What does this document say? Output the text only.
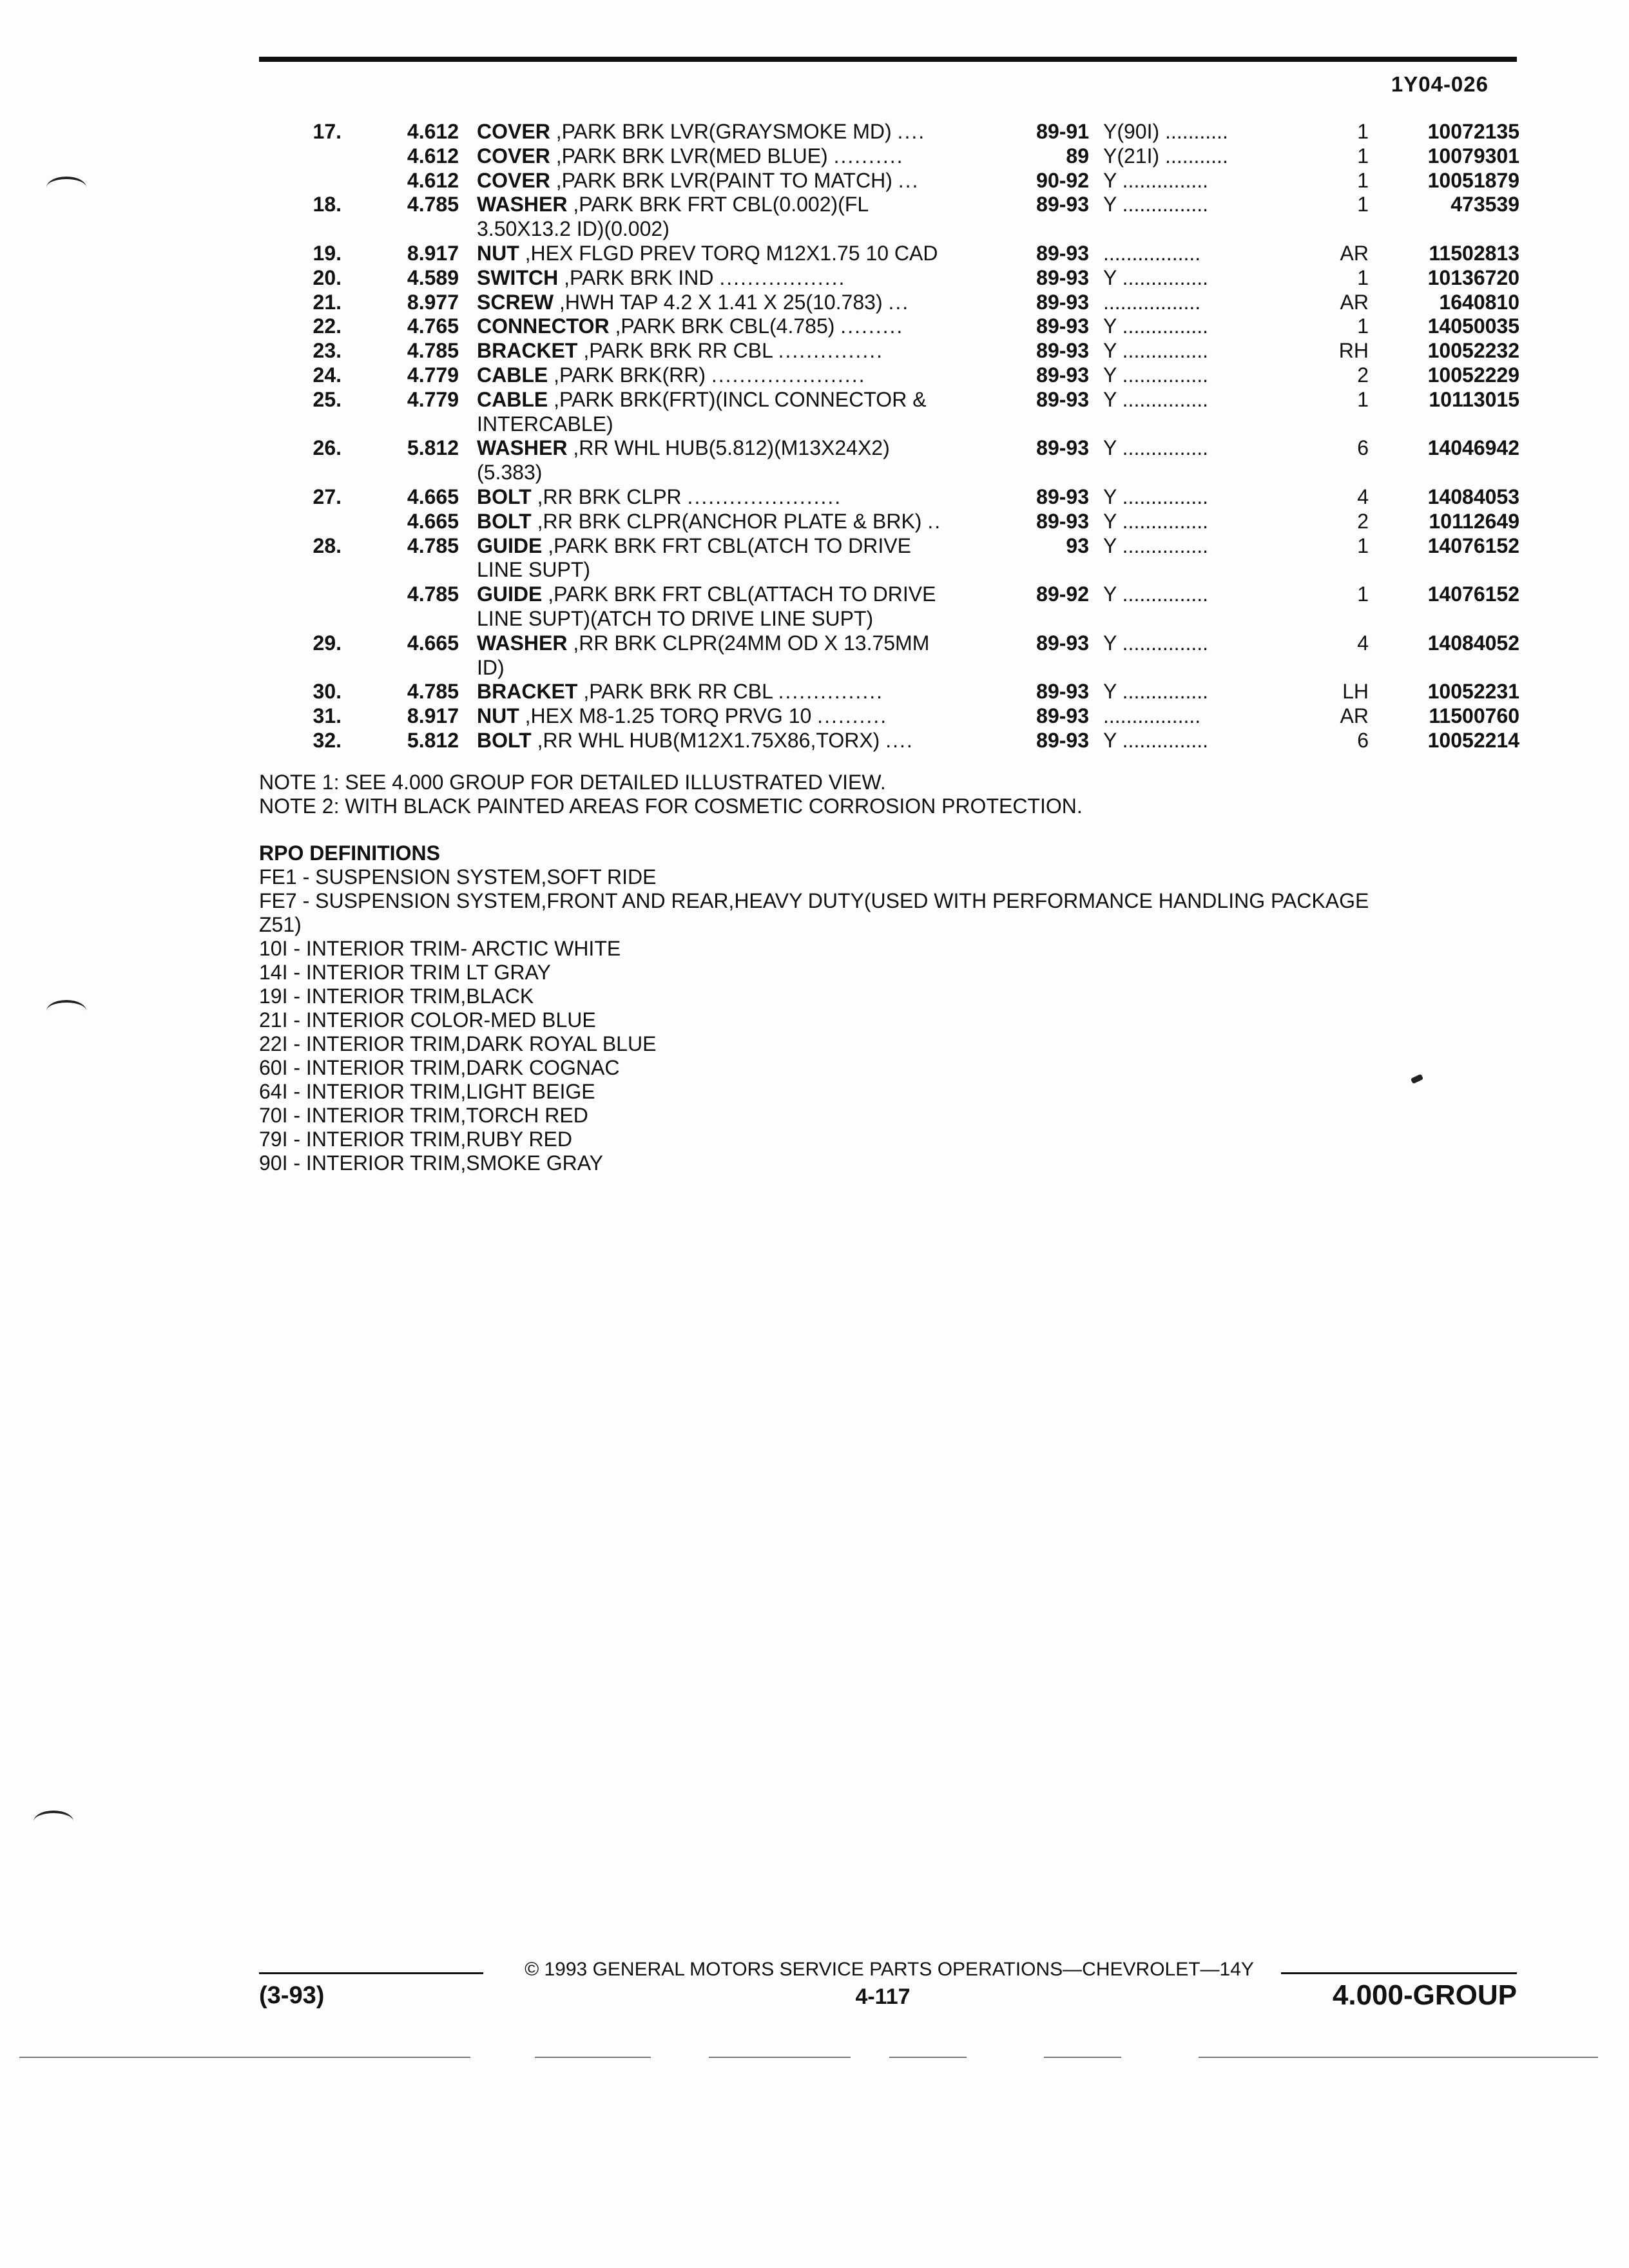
1Y04-026
17.	4.612 COVER ,PARK BRK LVR(GRAYSMOKE MD) ....	89-91 Y(90I) ...........	1	10072135
4.612 COVER ,PARK BRK LVR(MED BLUE) ..........	89 Y(21I) ...........	1	10079301
4.612 COVER ,PARK BRK LVR(PAINT TO MATCH) ...	90-92 Y ...............	1	10051879
18.	4.785 WASHER ,PARK BRK FRT CBL(0.002)(FL	89-93 Y ...............	1	473539
3.50X13.2 ID)(0.002)
19.	8.917 NUT ,HEX FLGD PREV TORQ M12X1.75 10 CAD	89-93 .................	AR	11502813
20.	4.589 SWITCH ,PARK BRK IND ..................	89-93 Y ...............	1	10136720
21.	8.977 SCREW ,HWH TAP 4.2 X 1.41 X 25(10.783) ...	89-93 .................	AR	1640810
22.	4.765 CONNECTOR ,PARK BRK CBL(4.785) .........	89-93 Y ...............	1	14050035
23.	4.785 BRACKET ,PARK BRK RR CBL ...............	89-93 Y ...............	RH	10052232
24.	4.779 CABLE ,PARK BRK(RR) ......................	89-93 Y ...............	2	10052229
25.	4.779 CABLE ,PARK BRK(FRT)(INCL CONNECTOR &	89-93 Y ...............	1	10113015
INTERCABLE)
26.	5.812 WASHER ,RR WHL HUB(5.812)(M13X24X2)	89-93 Y ...............	6	14046942
(5.383)
27.	4.665 BOLT ,RR BRK CLPR ......................	89-93 Y ...............	4	14084053
4.665 BOLT ,RR BRK CLPR(ANCHOR PLATE & BRK) ..	89-93 Y ...............	2	10112649
28.	4.785 GUIDE ,PARK BRK FRT CBL(ATCH TO DRIVE	93 Y ...............	1	14076152
LINE SUPT)
4.785 GUIDE ,PARK BRK FRT CBL(ATTACH TO DRIVE	89-92 Y ...............	1	14076152
LINE SUPT)(ATCH TO DRIVE LINE SUPT)
29.	4.665 WASHER ,RR BRK CLPR(24MM OD X 13.75MM	89-93 Y ...............	4	14084052
ID)
30.	4.785 BRACKET ,PARK BRK RR CBL ...............	89-93 Y ...............	LH	10052231
31.	8.917 NUT ,HEX M8-1.25 TORQ PRVG 10 ..........	89-93 .................	AR	11500760
32.	5.812 BOLT ,RR WHL HUB(M12X1.75X86,TORX) ....	89-93 Y ...............	6	10052214
NOTE 1: SEE 4.000 GROUP FOR DETAILED ILLUSTRATED VIEW.
NOTE 2: WITH BLACK PAINTED AREAS FOR COSMETIC CORROSION PROTECTION.
RPO DEFINITIONS
FE1 - SUSPENSION SYSTEM,SOFT RIDE
FE7 - SUSPENSION SYSTEM,FRONT AND REAR,HEAVY DUTY(USED WITH PERFORMANCE HANDLING PACKAGE
Z51)
10I - INTERIOR TRIM- ARCTIC WHITE
14I - INTERIOR TRIM LT GRAY
19I - INTERIOR TRIM,BLACK
21I - INTERIOR COLOR-MED BLUE
22I - INTERIOR TRIM,DARK ROYAL BLUE
60I - INTERIOR TRIM,DARK COGNAC
64I - INTERIOR TRIM,LIGHT BEIGE
70I - INTERIOR TRIM,TORCH RED
79I - INTERIOR TRIM,RUBY RED
90I - INTERIOR TRIM,SMOKE GRAY
© 1993 GENERAL MOTORS SERVICE PARTS OPERATIONS—CHEVROLET—14Y
(3-93)	4-117	4.000-GROUP
